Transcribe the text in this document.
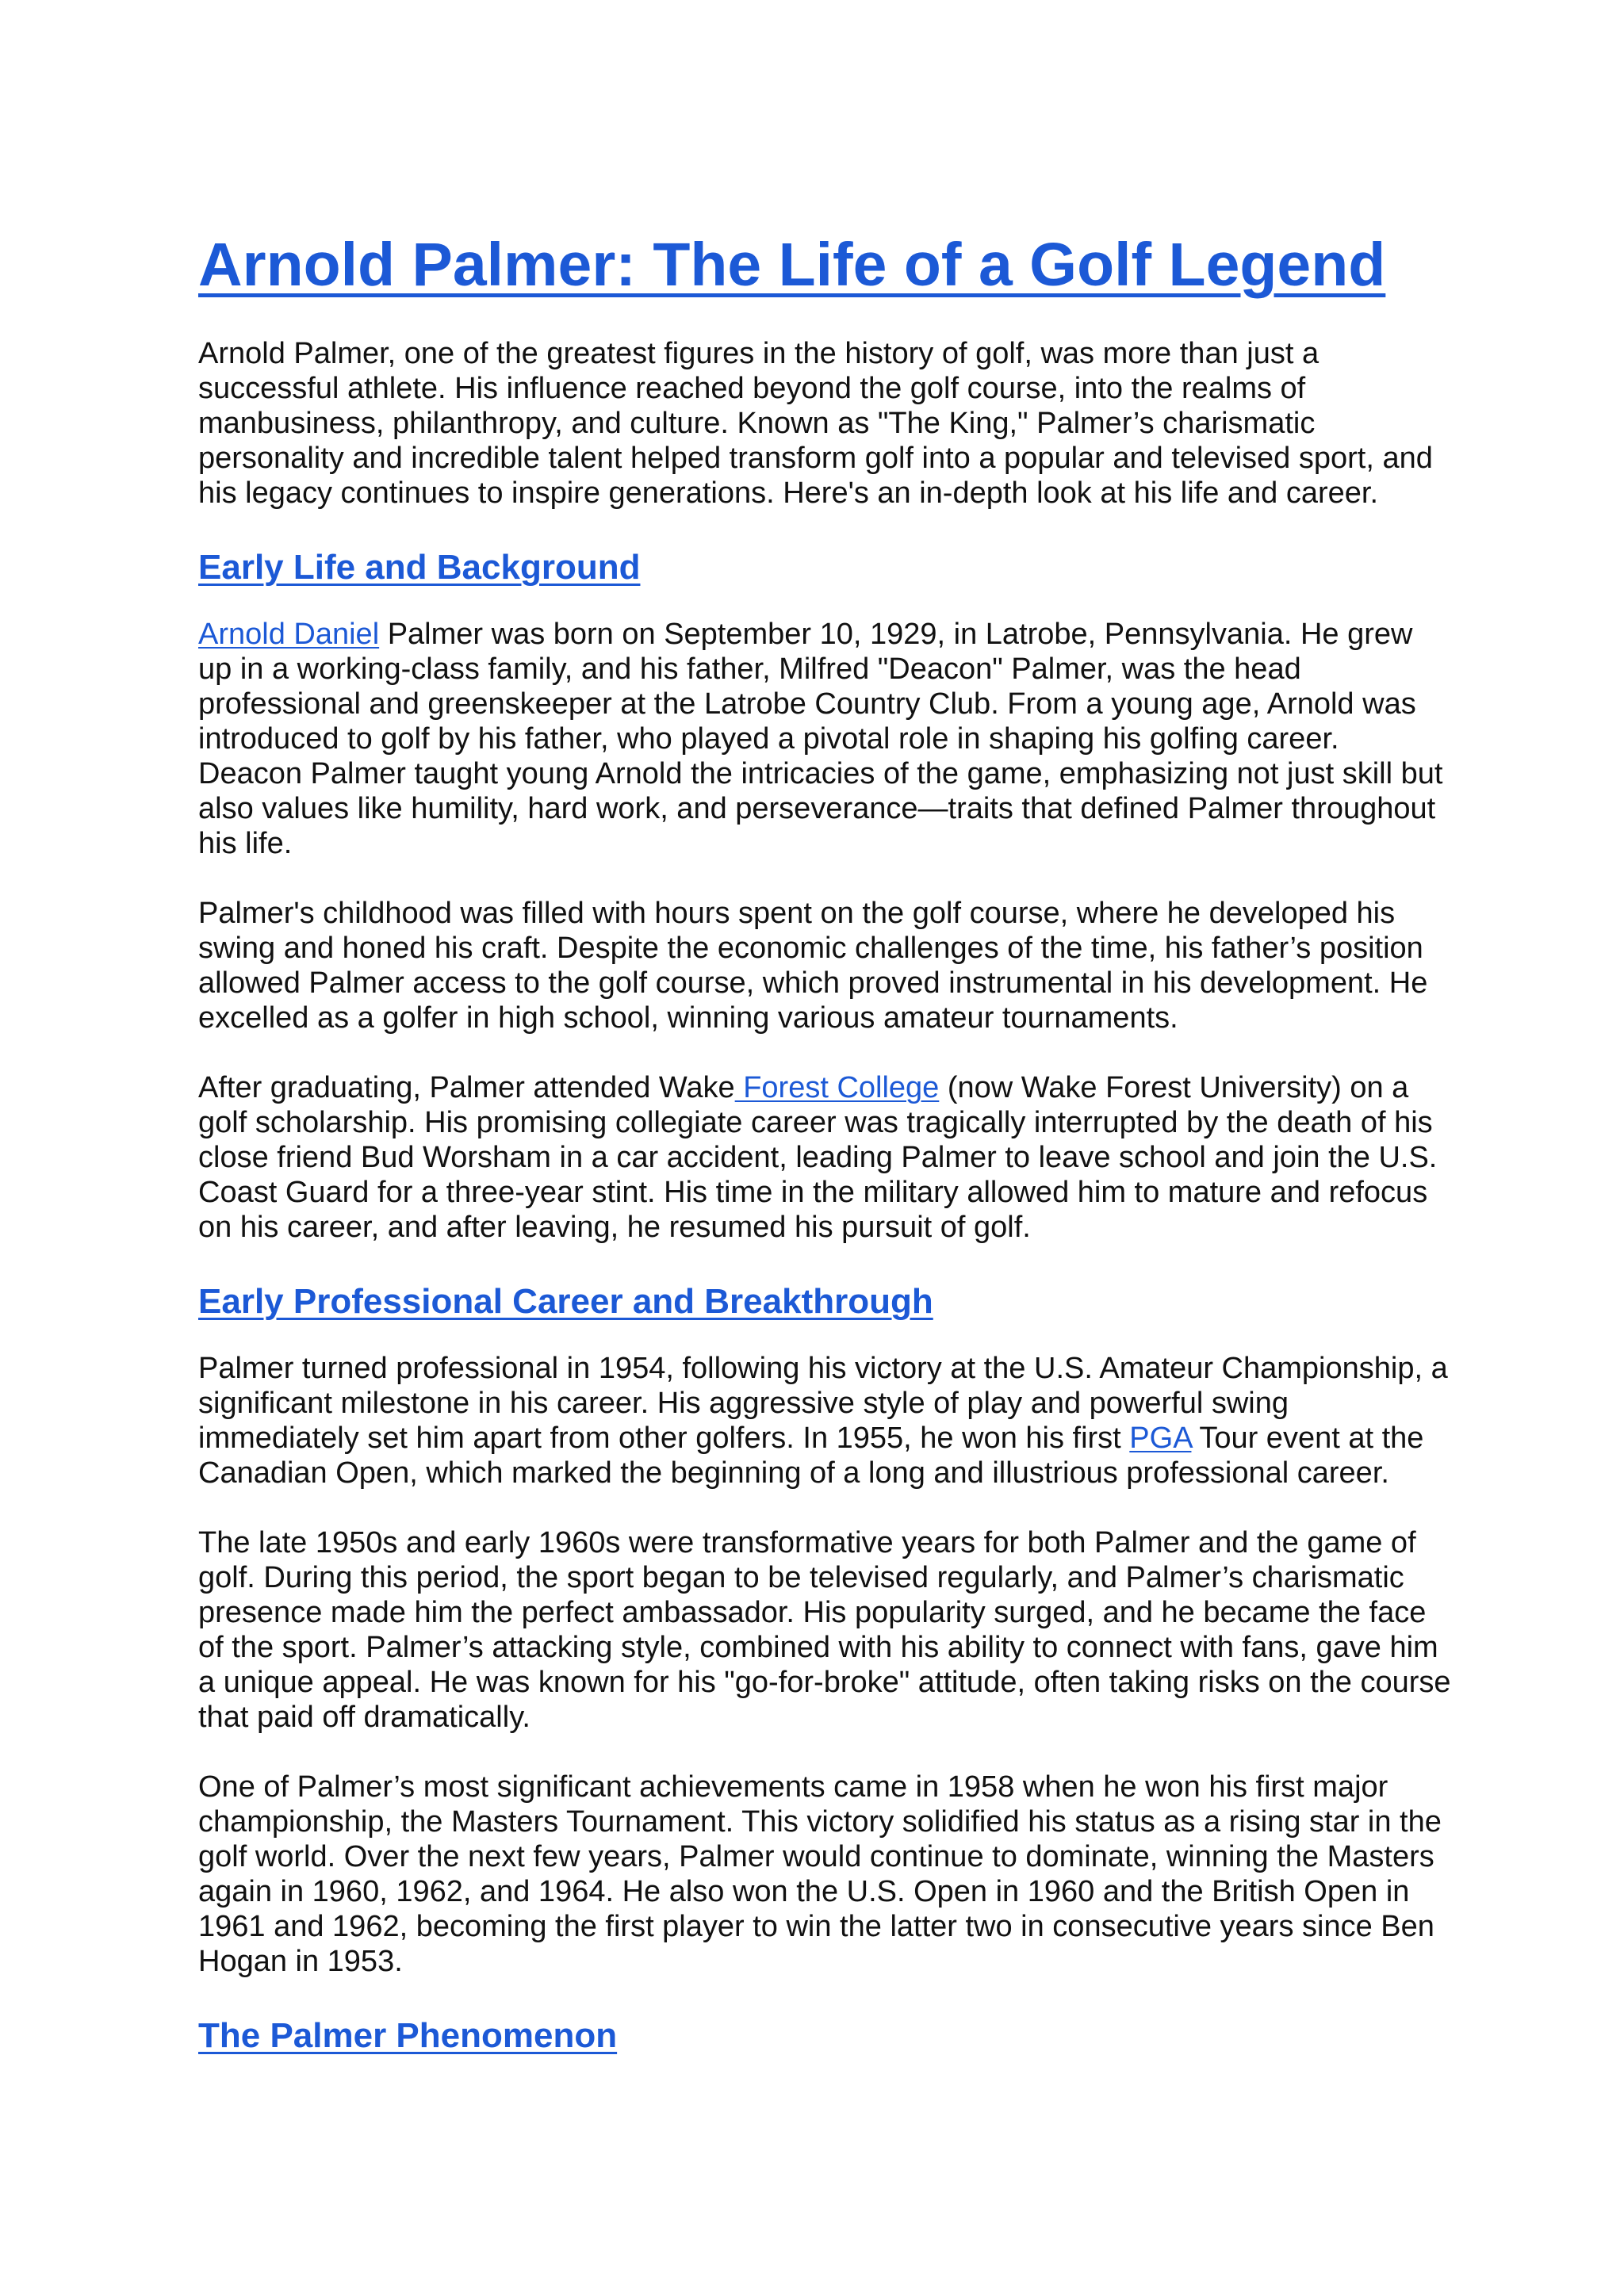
Arnold Palmer: The Life of a Golf Legend

Arnold Palmer, one of the greatest figures in the history of golf, was more than just a successful athlete. His influence reached beyond the golf course, into the realms of manbusiness, philanthropy, and culture. Known as "The King," Palmer’s charismatic personality and incredible talent helped transform golf into a popular and televised sport, and his legacy continues to inspire generations. Here's an in-depth look at his life and career.

Early Life and Background

Arnold Daniel Palmer was born on September 10, 1929, in Latrobe, Pennsylvania. He grew up in a working-class family, and his father, Milfred "Deacon" Palmer, was the head professional and greenskeeper at the Latrobe Country Club. From a young age, Arnold was introduced to golf by his father, who played a pivotal role in shaping his golfing career. Deacon Palmer taught young Arnold the intricacies of the game, emphasizing not just skill but also values like humility, hard work, and perseverance—traits that defined Palmer throughout his life.

Palmer's childhood was filled with hours spent on the golf course, where he developed his swing and honed his craft. Despite the economic challenges of the time, his father’s position allowed Palmer access to the golf course, which proved instrumental in his development. He excelled as a golfer in high school, winning various amateur tournaments.

After graduating, Palmer attended Wake Forest College (now Wake Forest University) on a golf scholarship. His promising collegiate career was tragically interrupted by the death of his close friend Bud Worsham in a car accident, leading Palmer to leave school and join the U.S. Coast Guard for a three-year stint. His time in the military allowed him to mature and refocus on his career, and after leaving, he resumed his pursuit of golf.

Early Professional Career and Breakthrough

Palmer turned professional in 1954, following his victory at the U.S. Amateur Championship, a significant milestone in his career. His aggressive style of play and powerful swing immediately set him apart from other golfers. In 1955, he won his first PGA Tour event at the Canadian Open, which marked the beginning of a long and illustrious professional career.

The late 1950s and early 1960s were transformative years for both Palmer and the game of golf. During this period, the sport began to be televised regularly, and Palmer’s charismatic presence made him the perfect ambassador. His popularity surged, and he became the face of the sport. Palmer’s attacking style, combined with his ability to connect with fans, gave him a unique appeal. He was known for his "go-for-broke" attitude, often taking risks on the course that paid off dramatically.

One of Palmer’s most significant achievements came in 1958 when he won his first major championship, the Masters Tournament. This victory solidified his status as a rising star in the golf world. Over the next few years, Palmer would continue to dominate, winning the Masters again in 1960, 1962, and 1964. He also won the U.S. Open in 1960 and the British Open in 1961 and 1962, becoming the first player to win the latter two in consecutive years since Ben Hogan in 1953.

The Palmer Phenomenon
